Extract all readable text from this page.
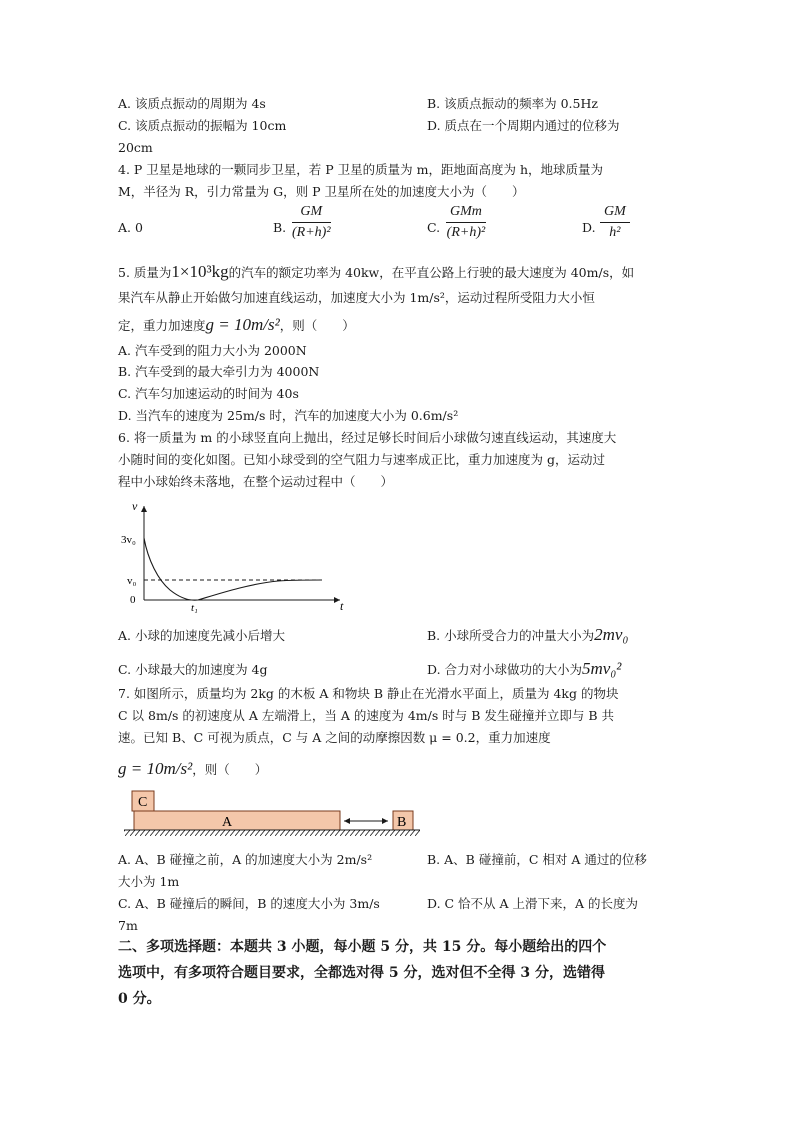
A. 该质点振动的周期为 4s	B. 该质点振动的频率为 0.5Hz
C. 该质点振动的振幅为 10cm	D. 质点在一个周期内通过的位移为
20cm
4. P 卫星是地球的一颗同步卫星，若 P 卫星的质量为 m，距地面高度为 h，地球质量为
M，半径为 R，引力常量为 G，则 P 卫星所在处的加速度大小为（　　）
A. 0	B.
GM
(R+h)²	C.
GMm
(R+h)²	D.
GM
h²
5. 质量为1×10³kg的汽车的额定功率为 40kw，在平直公路上行驶的最大速度为 40m/s，如
果汽车从静止开始做匀加速直线运动，加速度大小为 1m/s²，运动过程所受阻力大小恒
定，重力加速度g = 10m/s²，则（　　）
A. 汽车受到的阻力大小为 2000N
B. 汽车受到的最大牵引力为 4000N
C. 汽车匀加速运动的时间为 40s
D. 当汽车的速度为 25m/s 时，汽车的加速度大小为 0.6m/s²
6. 将一质量为 m 的小球竖直向上抛出，经过足够长时间后小球做匀速直线运动，其速度大
小随时间的变化如图。已知小球受到的空气阻力与速率成正比，重力加速度为 g，运动过
程中小球始终未落地，在整个运动过程中（　　）
v
t
3v₀
v₀
0
t₁
A. 小球的加速度先减小后增大	B. 小球所受合力的冲量大小为2mv₀
C. 小球最大的加速度为 4g	D. 合力对小球做功的大小为5mv₀²
7. 如图所示，质量均为 2kg 的木板 A 和物块 B 静止在光滑水平面上，质量为 4kg 的物块
C 以 8m/s 的初速度从 A 左端滑上，当 A 的速度为 4m/s 时与 B 发生碰撞并立即与 B 共
速。已知 B、C 可视为质点，C 与 A 之间的动摩擦因数 μ = 0.2，重力加速度
g = 10m/s²，则（　　）
C
A	B
A. A、B 碰撞之前，A 的加速度大小为 2m/s²	B. A、B 碰撞前，C 相对 A 通过的位移
大小为 1m
C. A、B 碰撞后的瞬间，B 的速度大小为 3m/s	D. C 恰不从 A 上滑下来，A 的长度为
7m
二、多项选择题：本题共 3 小题，每小题 5 分，共 15 分。每小题给出的四个
选项中，有多项符合题目要求，全都选对得 5 分，选对但不全得 3 分，选错得
0 分。
